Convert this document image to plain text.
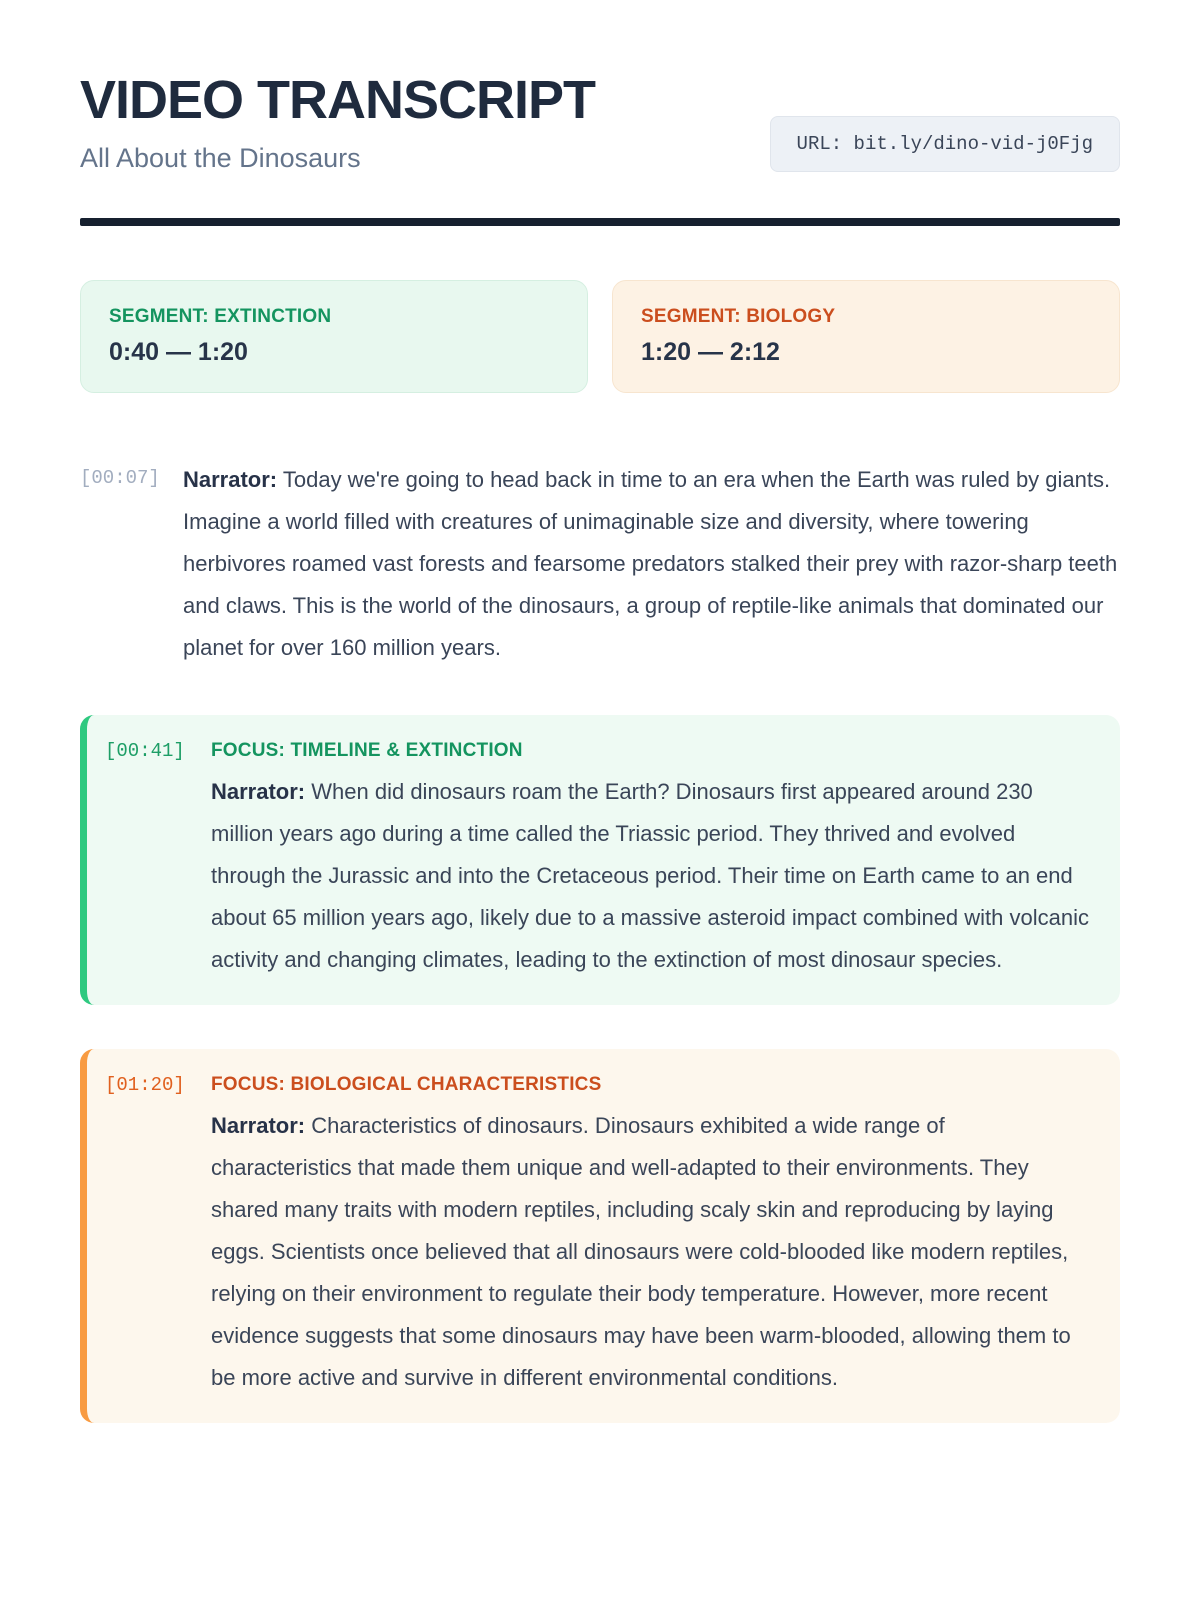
VIDEO TRANSCRIPT

All About the Dinosaurs	URL: bit.ly/dino-vid-j0Fjg
SEGMENT: EXTINCTION
0:40 — 1:20
SEGMENT: BIOLOGY
1:20 — 2:12
[00:07]	Narrator: Today we're going to head back in time to an era when the Earth was ruled by giants. Imagine a world filled with creatures of unimaginable size and diversity, where towering herbivores roamed vast forests and fearsome predators stalked their prey with razor-sharp teeth and claws. This is the world of the dinosaurs, a group of reptile-like animals that dominated our planet for over 160 million years.

[00:41]	FOCUS: TIMELINE & EXTINCTION

Narrator: When did dinosaurs roam the Earth? Dinosaurs first appeared around 230 million years ago during a time called the Triassic period. They thrived and evolved through the Jurassic and into the Cretaceous period. Their time on Earth came to an end about 65 million years ago, likely due to a massive asteroid impact combined with volcanic activity and changing climates, leading to the extinction of most dinosaur species.

[01:20]	FOCUS: BIOLOGICAL CHARACTERISTICS

Narrator: Characteristics of dinosaurs. Dinosaurs exhibited a wide range of characteristics that made them unique and well-adapted to their environments. They shared many traits with modern reptiles, including scaly skin and reproducing by laying eggs. Scientists once believed that all dinosaurs were cold-blooded like modern reptiles, relying on their environment to regulate their body temperature. However, more recent evidence suggests that some dinosaurs may have been warm-blooded, allowing them to be more active and survive in different environmental conditions.
